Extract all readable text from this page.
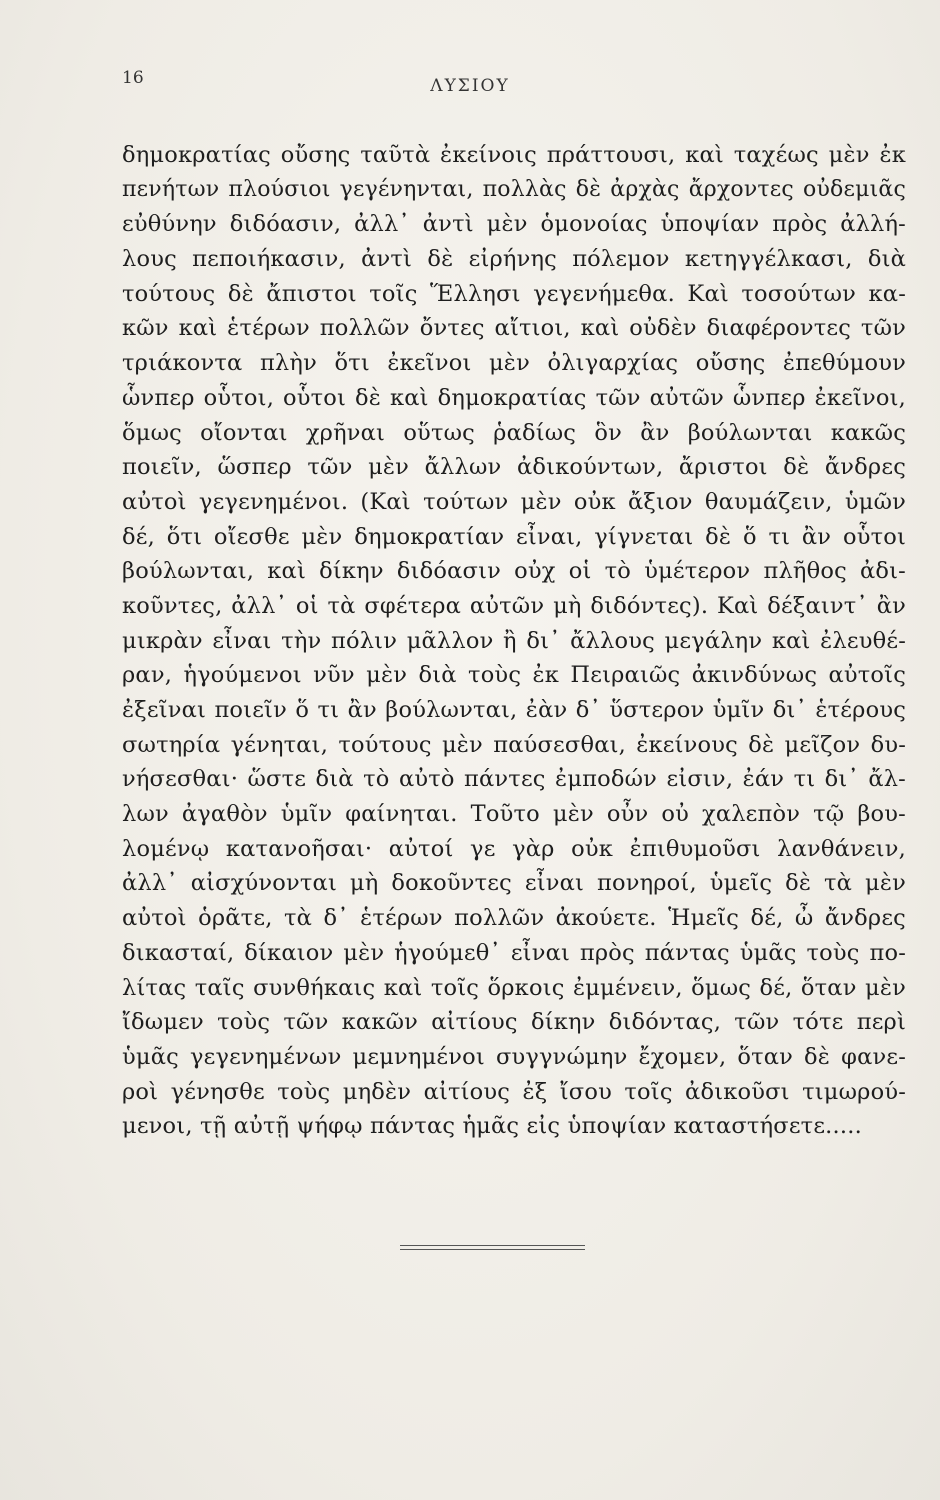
16	ΛΥΣΙΟΥ
δημοκρατίας οὔσης ταῦτὰ ἐκείνοις πράττουσι, καὶ ταχέως μὲν ἐκ
πενήτων πλούσιοι γεγένηνται, πολλὰς δὲ ἀρχὰς ἄρχοντες οὐδεμιᾶς
εὐθύνην διδόασιν, ἀλλ᾽ ἀντὶ μὲν ὁμονοίας ὑποψίαν πρὸς ἀλλή-
λους πεποιήκασιν, ἀντὶ δὲ εἰρήνης πόλεμον κετηγγέλκασι, διὰ
τούτους δὲ ἄπιστοι τοῖς Ἕλλησι γεγενήμεθα. Καὶ τοσούτων κα-
κῶν καὶ ἑτέρων πολλῶν ὄντες αἴτιοι, καὶ οὐδὲν διαφέροντες τῶν
τριάκοντα πλὴν ὅτι ἐκεῖνοι μὲν ὀλιγαρχίας οὔσης ἐπεθύμουν
ὧνπερ οὗτοι, οὗτοι δὲ καὶ δημοκρατίας τῶν αὐτῶν ὧνπερ ἐκεῖνοι,
ὅμως οἴονται χρῆναι οὕτως ῥαδίως ὃν ἂν βούλωνται κακῶς
ποιεῖν, ὥσπερ τῶν μὲν ἄλλων ἀδικούντων, ἄριστοι δὲ ἄνδρες
αὐτοὶ γεγενημένοι. (Καὶ τούτων μὲν οὐκ ἄξιον θαυμάζειν, ὑμῶν
δέ, ὅτι οἴεσθε μὲν δημοκρατίαν εἶναι, γίγνεται δὲ ὅ τι ἂν οὗτοι
βούλωνται, καὶ δίκην διδόασιν οὐχ οἱ τὸ ὑμέτερον πλῆθος ἀδι-
κοῦντες, ἀλλ᾽ οἱ τὰ σφέτερα αὐτῶν μὴ διδόντες). Καὶ δέξαιντ᾽ ἂν
μικρὰν εἶναι τὴν πόλιν μᾶλλον ἢ δι᾽ ἄλλους μεγάλην καὶ ἐλευθέ-
ραν, ἡγούμενοι νῦν μὲν διὰ τοὺς ἐκ Πειραιῶς ἀκινδύνως αὐτοῖς
ἐξεῖναι ποιεῖν ὅ τι ἂν βούλωνται, ἐὰν δ᾽ ὕστερον ὑμῖν δι᾽ ἑτέρους
σωτηρία γένηται, τούτους μὲν παύσεσθαι, ἐκείνους δὲ μεῖζον δυ-
νήσεσθαι· ὥστε διὰ τὸ αὐτὸ πάντες ἐμποδών εἰσιν, ἐάν τι δι᾽ ἄλ-
λων ἀγαθὸν ὑμῖν φαίνηται. Τοῦτο μὲν οὖν οὐ χαλεπὸν τῷ βου-
λομένῳ κατανοῆσαι· αὐτοί γε γὰρ οὐκ ἐπιθυμοῦσι λανθάνειν,
ἀλλ᾽ αἰσχύνονται μὴ δοκοῦντες εἶναι πονηροί, ὑμεῖς δὲ τὰ μὲν
αὐτοὶ ὁρᾶτε, τὰ δ᾽ ἑτέρων πολλῶν ἀκούετε. Ἡμεῖς δέ, ὦ ἄνδρες
δικασταί, δίκαιον μὲν ἡγούμεθ᾽ εἶναι πρὸς πάντας ὑμᾶς τοὺς πο-
λίτας ταῖς συνθήκαις καὶ τοῖς ὅρκοις ἐμμένειν, ὅμως δέ, ὅταν μὲν
ἴδωμεν τοὺς τῶν κακῶν αἰτίους δίκην διδόντας, τῶν τότε περὶ
ὑμᾶς γεγενημένων μεμνημένοι συγγνώμην ἔχομεν, ὅταν δὲ φανε-
ροὶ γένησθε τοὺς μηδὲν αἰτίους ἐξ ἴσου τοῖς ἀδικοῦσι τιμωρού-
μενοι, τῇ αὐτῇ ψήφῳ πάντας ἡμᾶς εἰς ὑποψίαν καταστήσετε.....
